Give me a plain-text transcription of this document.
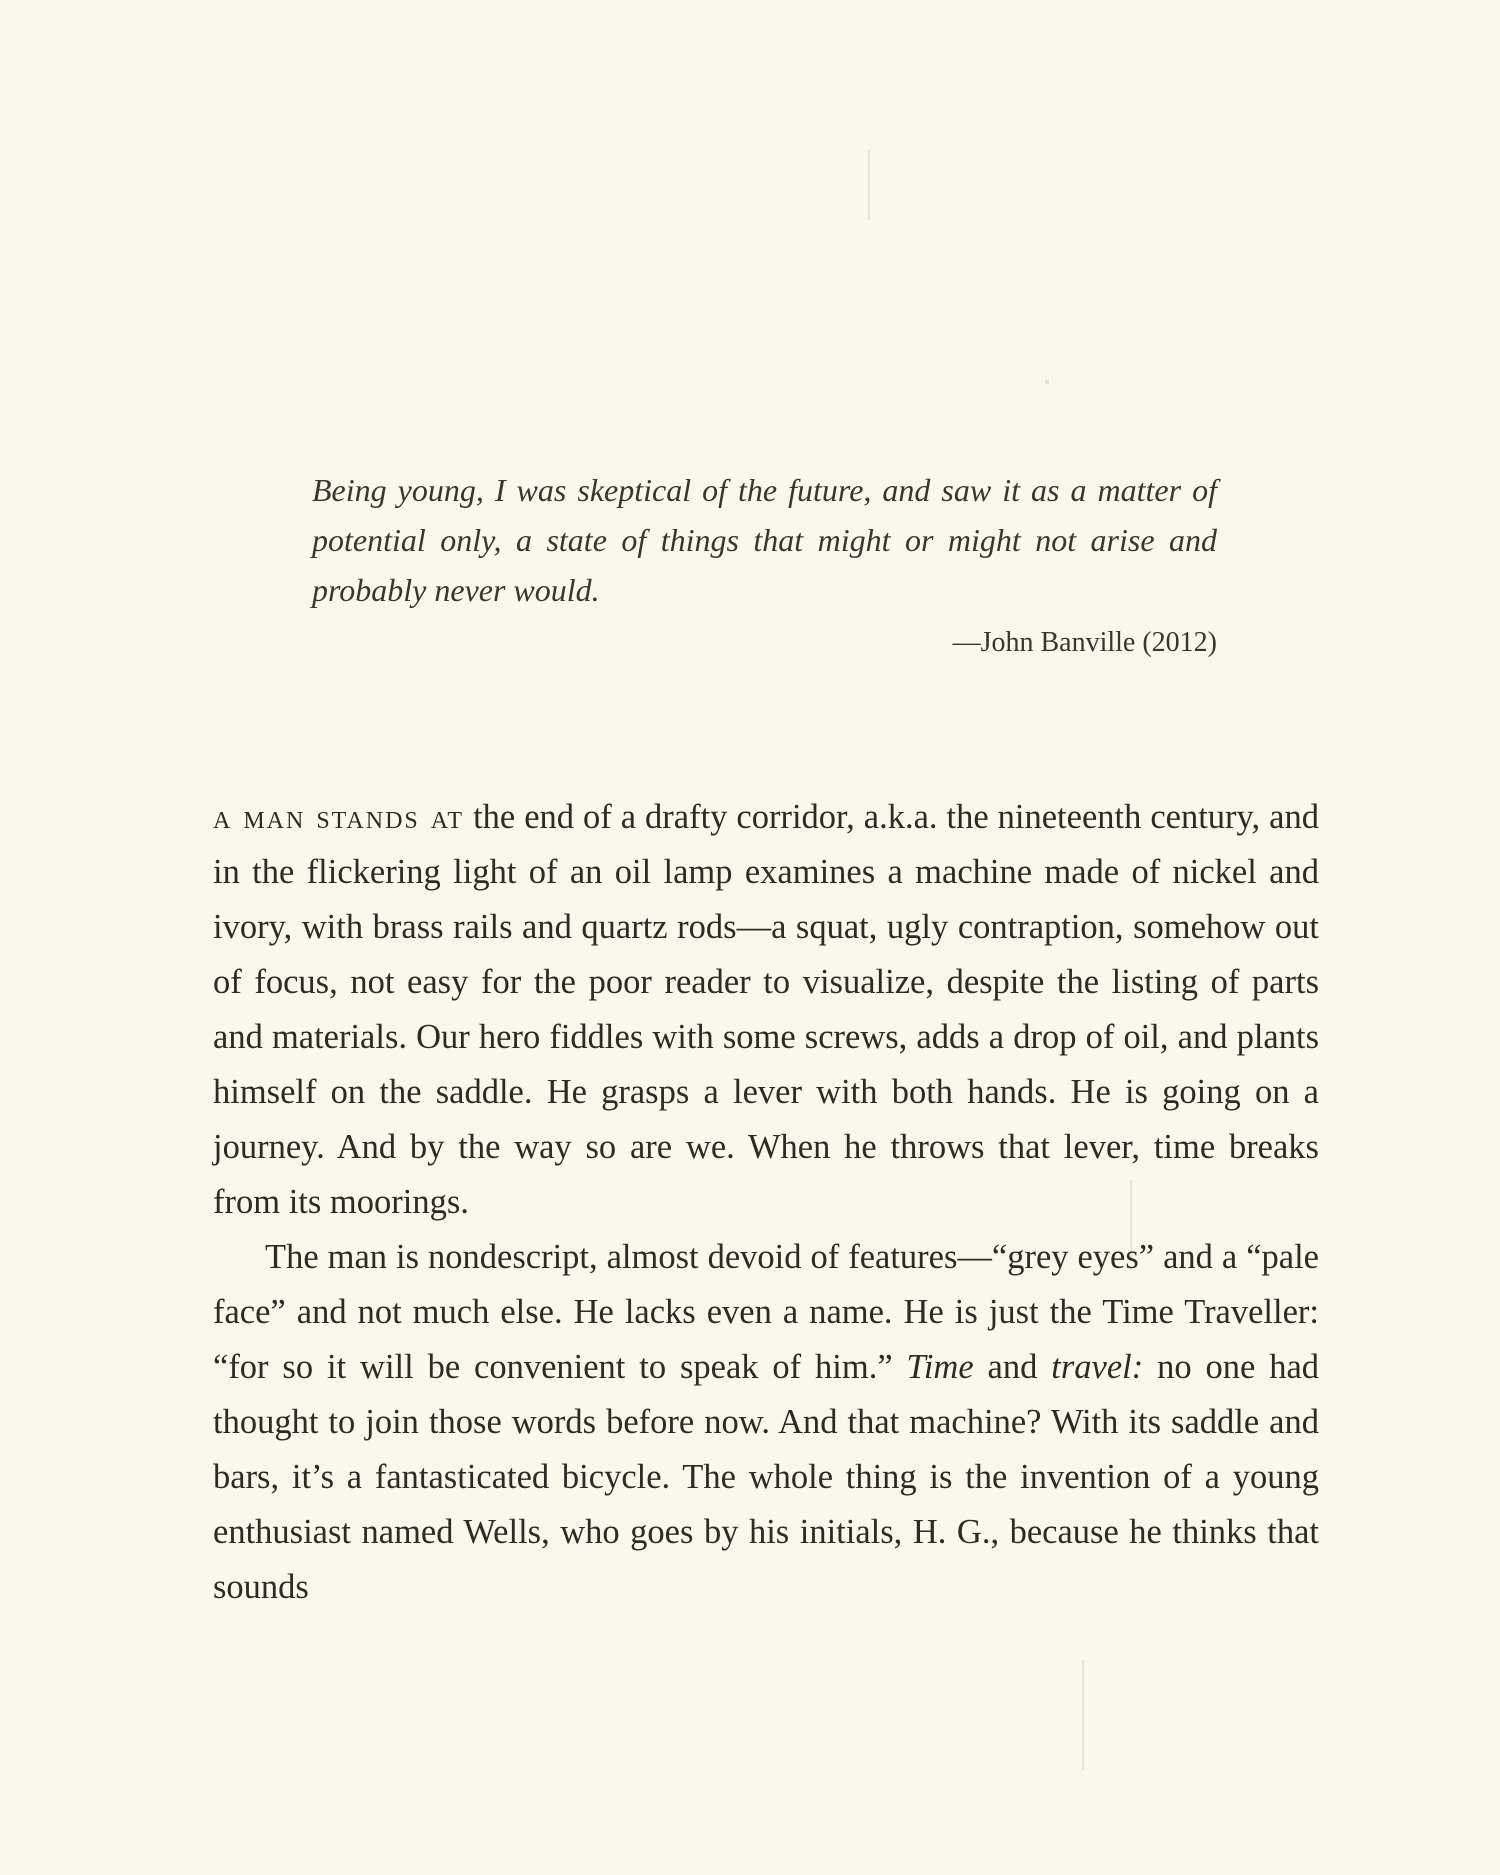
Being young, I was skeptical of the future, and saw it as a matter of potential only, a state of things that might or might not arise and probably never would.

—John Banville (2012)

a man stands at the end of a drafty corridor, a.k.a. the nineteenth century, and in the flickering light of an oil lamp examines a machine made of nickel and ivory, with brass rails and quartz rods—a squat, ugly contraption, somehow out of focus, not easy for the poor reader to visualize, despite the listing of parts and materials. Our hero fiddles with some screws, adds a drop of oil, and plants himself on the saddle. He grasps a lever with both hands. He is going on a journey. And by the way so are we. When he throws that lever, time breaks from its moorings.

The man is nondescript, almost devoid of features—“grey eyes” and a “pale face” and not much else. He lacks even a name. He is just the Time Traveller: “for so it will be convenient to speak of him.” Time and travel: no one had thought to join those words before now. And that machine? With its saddle and bars, it’s a fantasticated bicycle. The whole thing is the invention of a young enthusiast named Wells, who goes by his initials, H. G., because he thinks that sounds
